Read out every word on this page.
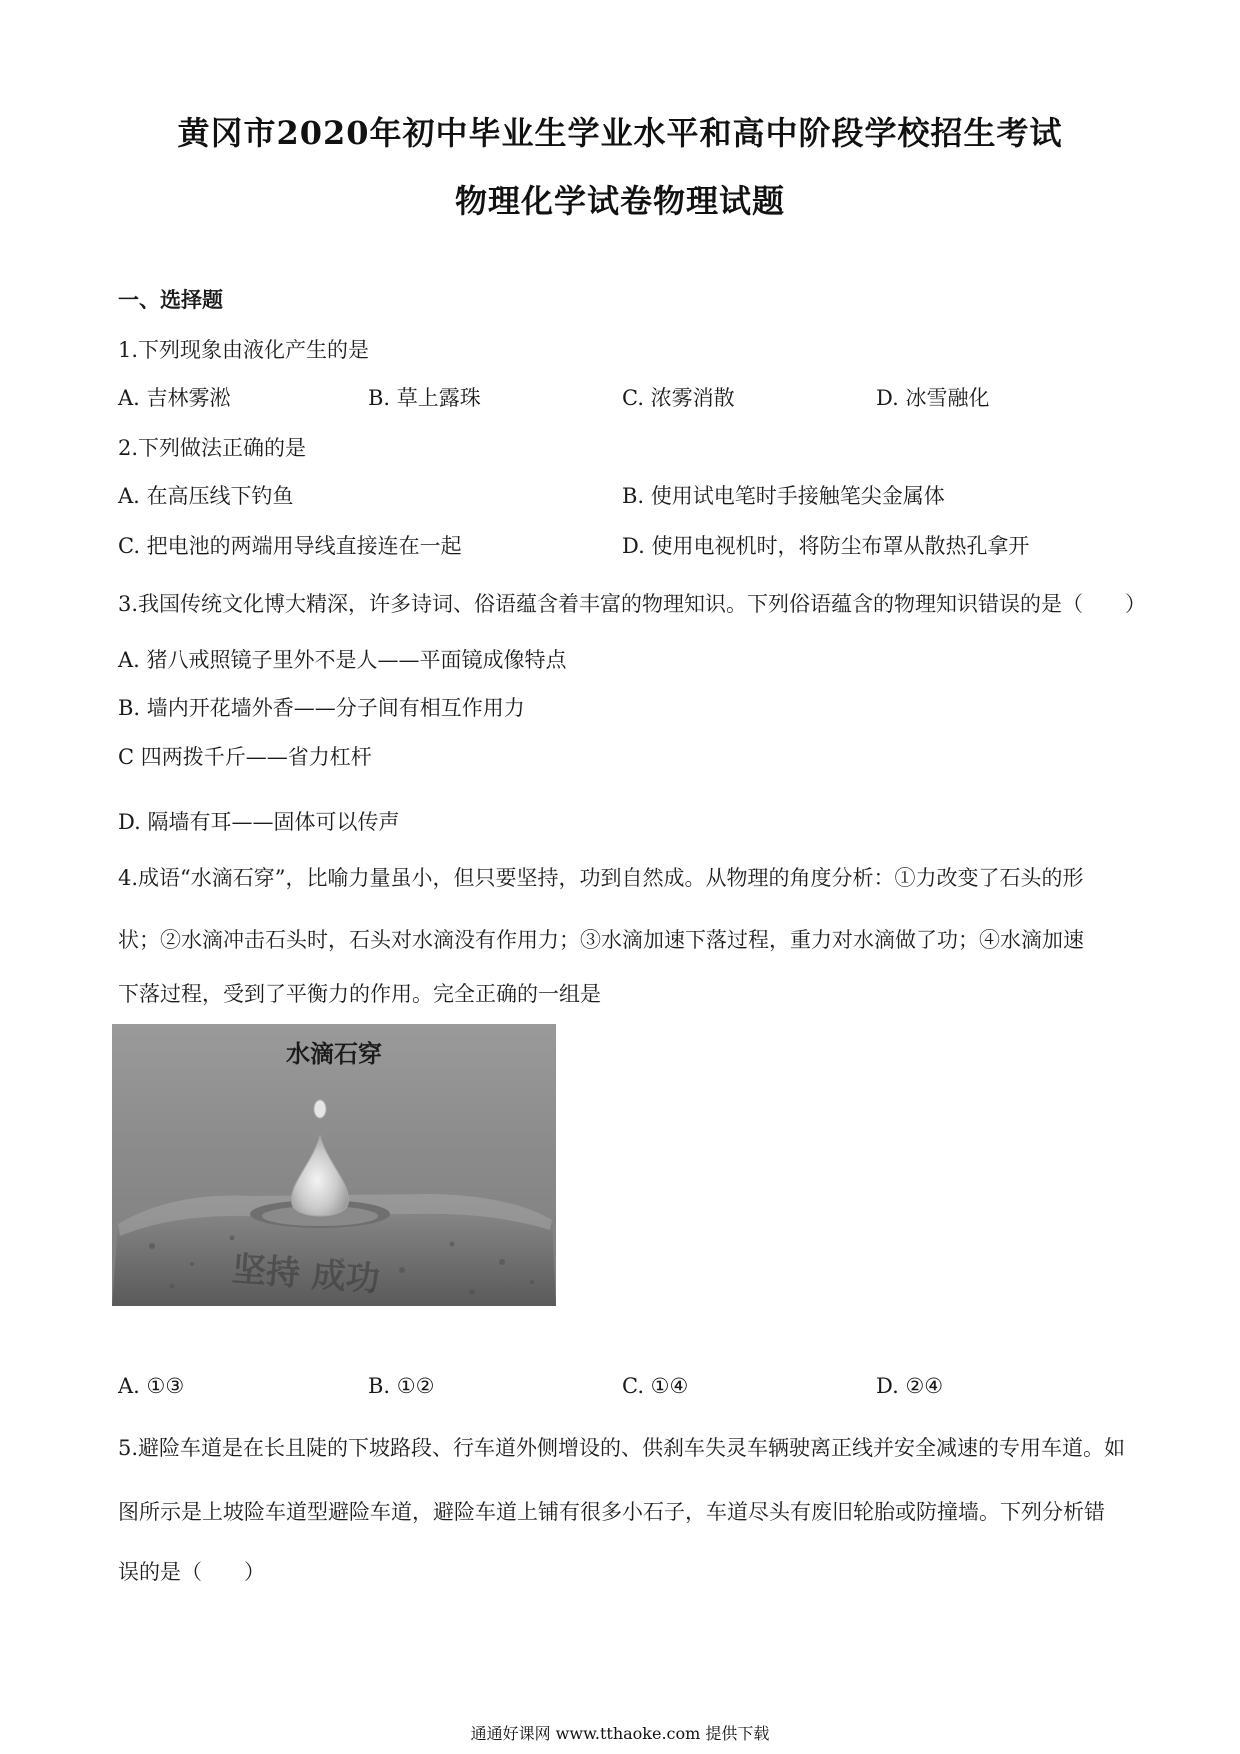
黄冈市2020年初中毕业生学业水平和高中阶段学校招生考试
物理化学试卷物理试题
一、选择题
1.下列现象由液化产生的是
A. 吉林雾淞	B. 草上露珠	C. 浓雾消散	D. 冰雪融化
2.下列做法正确的是
A. 在高压线下钓鱼	B. 使用试电笔时手接触笔尖金属体
C. 把电池的两端用导线直接连在一起	D. 使用电视机时，将防尘布罩从散热孔拿开
3.我国传统文化博大精深，许多诗词、俗语蕴含着丰富的物理知识。下列俗语蕴含的物理知识错误的是（　　）
A. 猪八戒照镜子里外不是人——平面镜成像特点
B. 墙内开花墙外香——分子间有相互作用力
C 四两拨千斤——省力杠杆
D. 隔墙有耳——固体可以传声
4.成语“水滴石穿”，比喻力量虽小，但只要坚持，功到自然成。从物理的角度分析：①力改变了石头的形
状；②水滴冲击石头时，石头对水滴没有作用力；③水滴加速下落过程，重力对水滴做了功；④水滴加速
下落过程，受到了平衡力的作用。完全正确的一组是
水滴石穿
坚持 成功
A. ①③	B. ①②	C. ①④	D. ②④
5.避险车道是在长且陡的下坡路段、行车道外侧增设的、供刹车失灵车辆驶离正线并安全减速的专用车道。如
图所示是上坡险车道型避险车道，避险车道上铺有很多小石子，车道尽头有废旧轮胎或防撞墙。下列分析错
误的是（　　）
通通好课网 www.tthaoke.com 提供下载
